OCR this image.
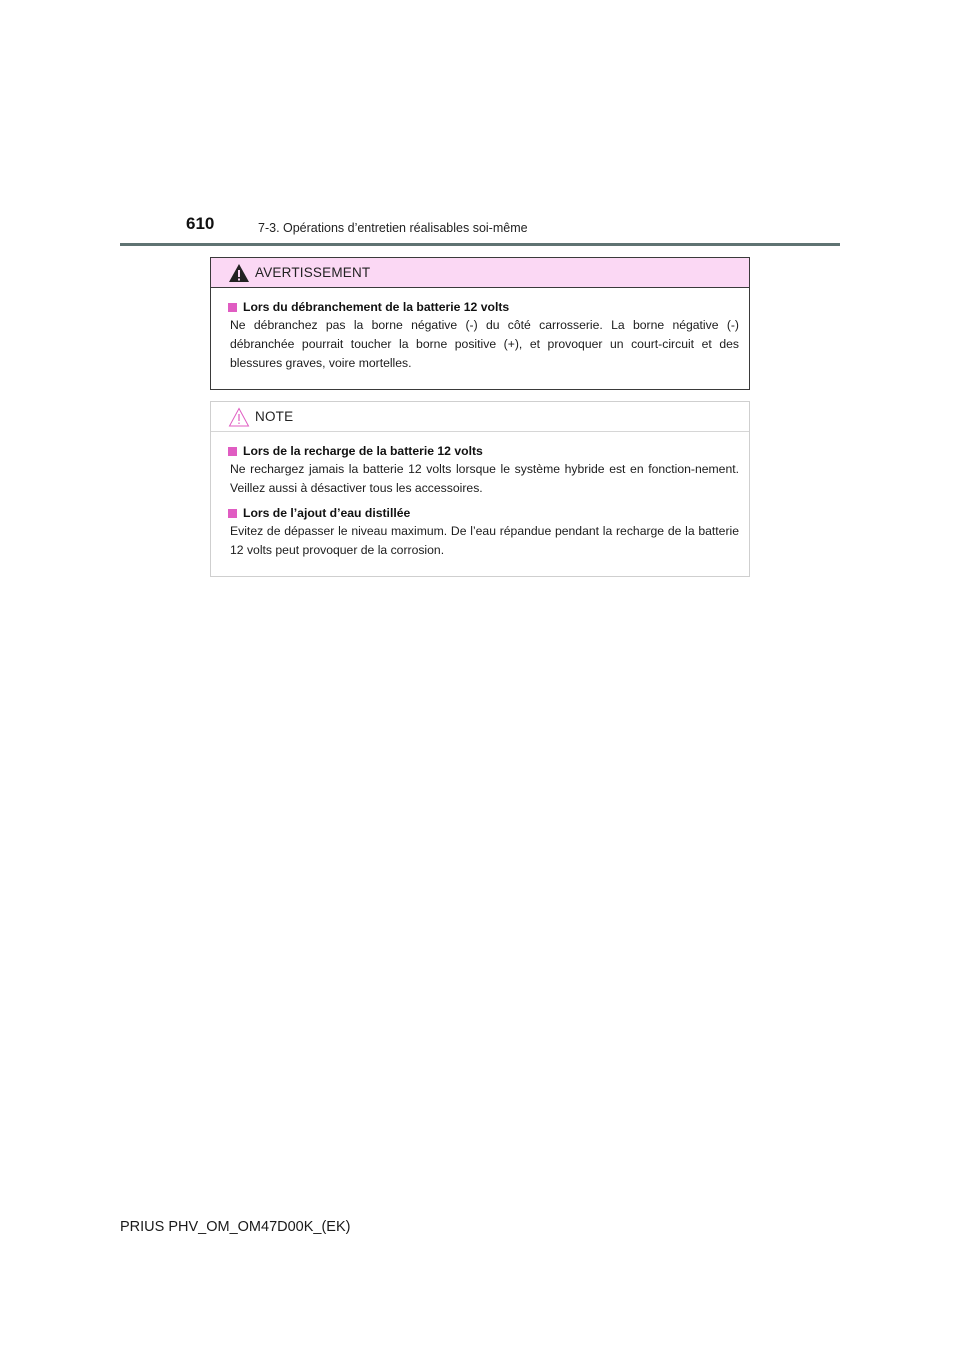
610	7-3. Opérations d’entretien réalisables soi-même
AVERTISSEMENT
Lors du débranchement de la batterie 12 volts
Ne débranchez pas la borne négative (-) du côté carrosserie. La borne négative (-) débranchée pourrait toucher la borne positive (+), et provoquer un court-circuit et des blessures graves, voire mortelles.
NOTE
Lors de la recharge de la batterie 12 volts
Ne rechargez jamais la batterie 12 volts lorsque le système hybride est en fonction-nement. Veillez aussi à désactiver tous les accessoires.
Lors de l’ajout d’eau distillée
Evitez de dépasser le niveau maximum. De l’eau répandue pendant la recharge de la batterie 12 volts peut provoquer de la corrosion.
PRIUS PHV_OM_OM47D00K_(EK)
